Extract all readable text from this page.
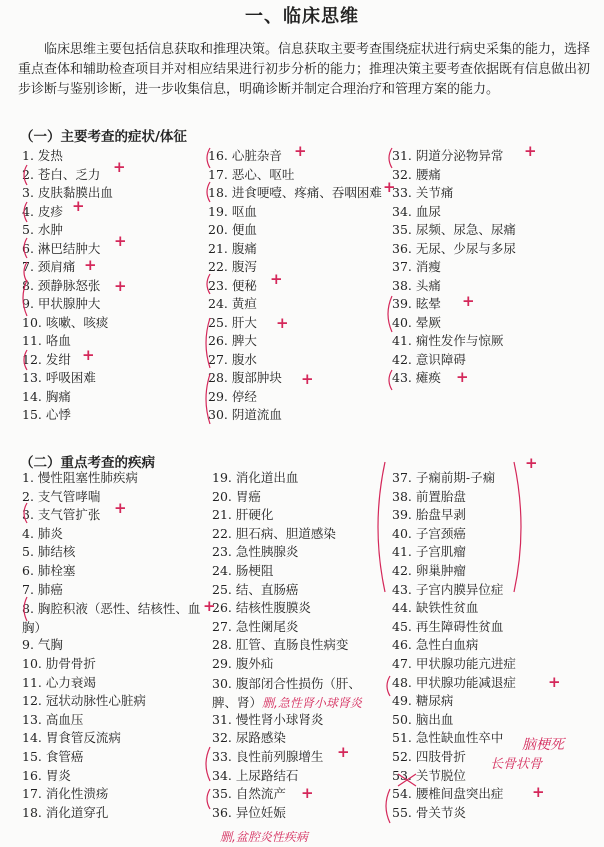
一、临床思维
临床思维主要包括信息获取和推理决策。信息获取主要考查围绕症状进行病史采集的能力，选择重点查体和辅助检查项目并对相应结果进行初步分析的能力；推理决策主要考查依据既有信息做出初步诊断与鉴别诊断，进一步收集信息，明确诊断并制定合理治疗和管理方案的能力。
（一）主要考查的症状/体征
1. 发热
2. 苍白、乏力
3. 皮肤黏膜出血
4. 皮疹
5. 水肿
6. 淋巴结肿大
7. 颈肩痛
8. 颈静脉怒张
9. 甲状腺肿大
10. 咳嗽、咳痰
11. 咯血
12. 发绀
13. 呼吸困难
14. 胸痛
15. 心悸
16. 心脏杂音
17. 恶心、呕吐
18. 进食哽噎、疼痛、吞咽困难
19. 呕血
20. 便血
21. 腹痛
22. 腹泻
23. 便秘
24. 黄疸
25. 肝大
26. 脾大
27. 腹水
28. 腹部肿块
29. 停经
30. 阴道流血
31. 阴道分泌物异常
32. 腰痛
33. 关节痛
34. 血尿
35. 尿频、尿急、尿痛
36. 无尿、少尿与多尿
37. 消瘦
38. 头痛
39. 眩晕
40. 晕厥
41. 痫性发作与惊厥
42. 意识障碍
43. 瘫痪
（二）重点考查的疾病
1. 慢性阻塞性肺疾病
2. 支气管哮喘
3. 支气管扩张
4. 肺炎
5. 肺结核
6. 肺栓塞
7. 肺癌
8. 胸腔积液（恶性、结核性、血胸）
9. 气胸
10. 肋骨骨折
11. 心力衰竭
12. 冠状动脉性心脏病
13. 高血压
14. 胃食管反流病
15. 食管癌
16. 胃炎
17. 消化性溃疡
18. 消化道穿孔
19. 消化道出血
20. 胃癌
21. 肝硬化
22. 胆石病、胆道感染
23. 急性胰腺炎
24. 肠梗阻
25. 结、直肠癌
26. 结核性腹膜炎
27. 急性阑尾炎
28. 肛管、直肠良性病变
29. 腹外疝
30. 腹部闭合性损伤（肝、脾、肾）
31. 慢性肾小球肾炎
32. 尿路感染
33. 良性前列腺增生
34. 上尿路结石
35. 自然流产
36. 异位妊娠
37. 子痫前期-子痫
38. 前置胎盘
39. 胎盘早剥
40. 子宫颈癌
41. 子宫肌瘤
42. 卵巢肿瘤
43. 子宫内膜异位症
44. 缺铁性贫血
45. 再生障碍性贫血
46. 急性白血病
47. 甲状腺功能亢进症
48. 甲状腺功能减退症
49. 糖尿病
50. 脑出血
51. 急性缺血性卒中
52. 四肢骨折
53. 关节脱位
54. 腰椎间盘突出症
55. 骨关节炎
+
+
+
+
+
+
+
+
+
+
+
+
+
+
+
+
+
+
+
+
+
删,急性肾小球肾炎
删,盆腔炎性疾病
脑梗死
长骨状骨
